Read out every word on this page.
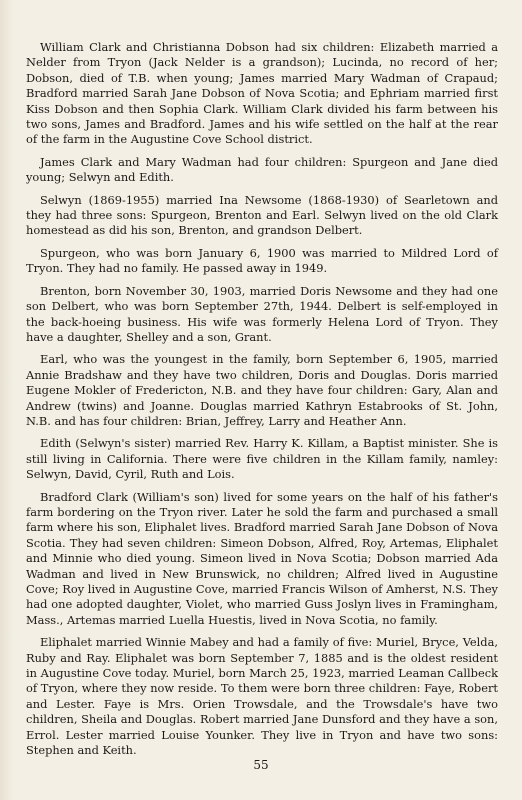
William Clark and Christianna Dobson had six children: Elizabeth married a Nelder from Tryon (Jack Nelder is a grandson); Lucinda, no record of her; Dobson, died of T.B. when young; James married Mary Wadman of Crapaud; Bradford married Sarah Jane Dobson of Nova Scotia; and Ephriam married first Kiss Dobson and then Sophia Clark. William Clark divided his farm between his two sons, James and Bradford. James and his wife settled on the half at the rear of the farm in the Augustine Cove School district.

James Clark and Mary Wadman had four children: Spurgeon and Jane died young; Selwyn and Edith.

Selwyn (1869-1955) married Ina Newsome (1868-1930) of Searletown and they had three sons: Spurgeon, Brenton and Earl. Selwyn lived on the old Clark homestead as did his son, Brenton, and grandson Delbert.

Spurgeon, who was born January 6, 1900 was married to Mildred Lord of Tryon. They had no family. He passed away in 1949.

Brenton, born November 30, 1903, married Doris Newsome and they had one son Delbert, who was born September 27th, 1944. Delbert is self-employed in the back-hoeing business. His wife was formerly Helena Lord of Tryon. They have a daughter, Shelley and a son, Grant.

Earl, who was the youngest in the family, born September 6, 1905, married Annie Bradshaw and they have two children, Doris and Douglas. Doris married Eugene Mokler of Fredericton, N.B. and they have four children: Gary, Alan and Andrew (twins) and Joanne. Douglas married Kathryn Estabrooks of St. John, N.B. and has four children: Brian, Jeffrey, Larry and Heather Ann.

Edith (Selwyn's sister) married Rev. Harry K. Killam, a Baptist minister. She is still living in California. There were five children in the Killam family, namley: Selwyn, David, Cyril, Ruth and Lois.

Bradford Clark (William's son) lived for some years on the half of his father's farm bordering on the Tryon river. Later he sold the farm and purchased a small farm where his son, Eliphalet lives. Bradford married Sarah Jane Dobson of Nova Scotia. They had seven children: Simeon Dobson, Alfred, Roy, Artemas, Eliphalet and Minnie who died young. Simeon lived in Nova Scotia; Dobson married Ada Wadman and lived in New Brunswick, no children; Alfred lived in Augustine Cove; Roy lived in Augustine Cove, married Francis Wilson of Amherst, N.S. They had one adopted daughter, Violet, who married Guss Joslyn lives in Framingham, Mass., Artemas married Luella Huestis, lived in Nova Scotia, no family.

Eliphalet married Winnie Mabey and had a family of five: Muriel, Bryce, Velda, Ruby and Ray. Eliphalet was born September 7, 1885 and is the oldest resident in Augustine Cove today. Muriel, born March 25, 1923, married Leaman Callbeck of Tryon, where they now reside. To them were born three children: Faye, Robert and Lester. Faye is Mrs. Orien Trowsdale, and the Trowsdale's have two children, Sheila and Douglas. Robert married Jane Dunsford and they have a son, Errol. Lester married Louise Younker. They live in Tryon and have two sons: Stephen and Keith.

55
